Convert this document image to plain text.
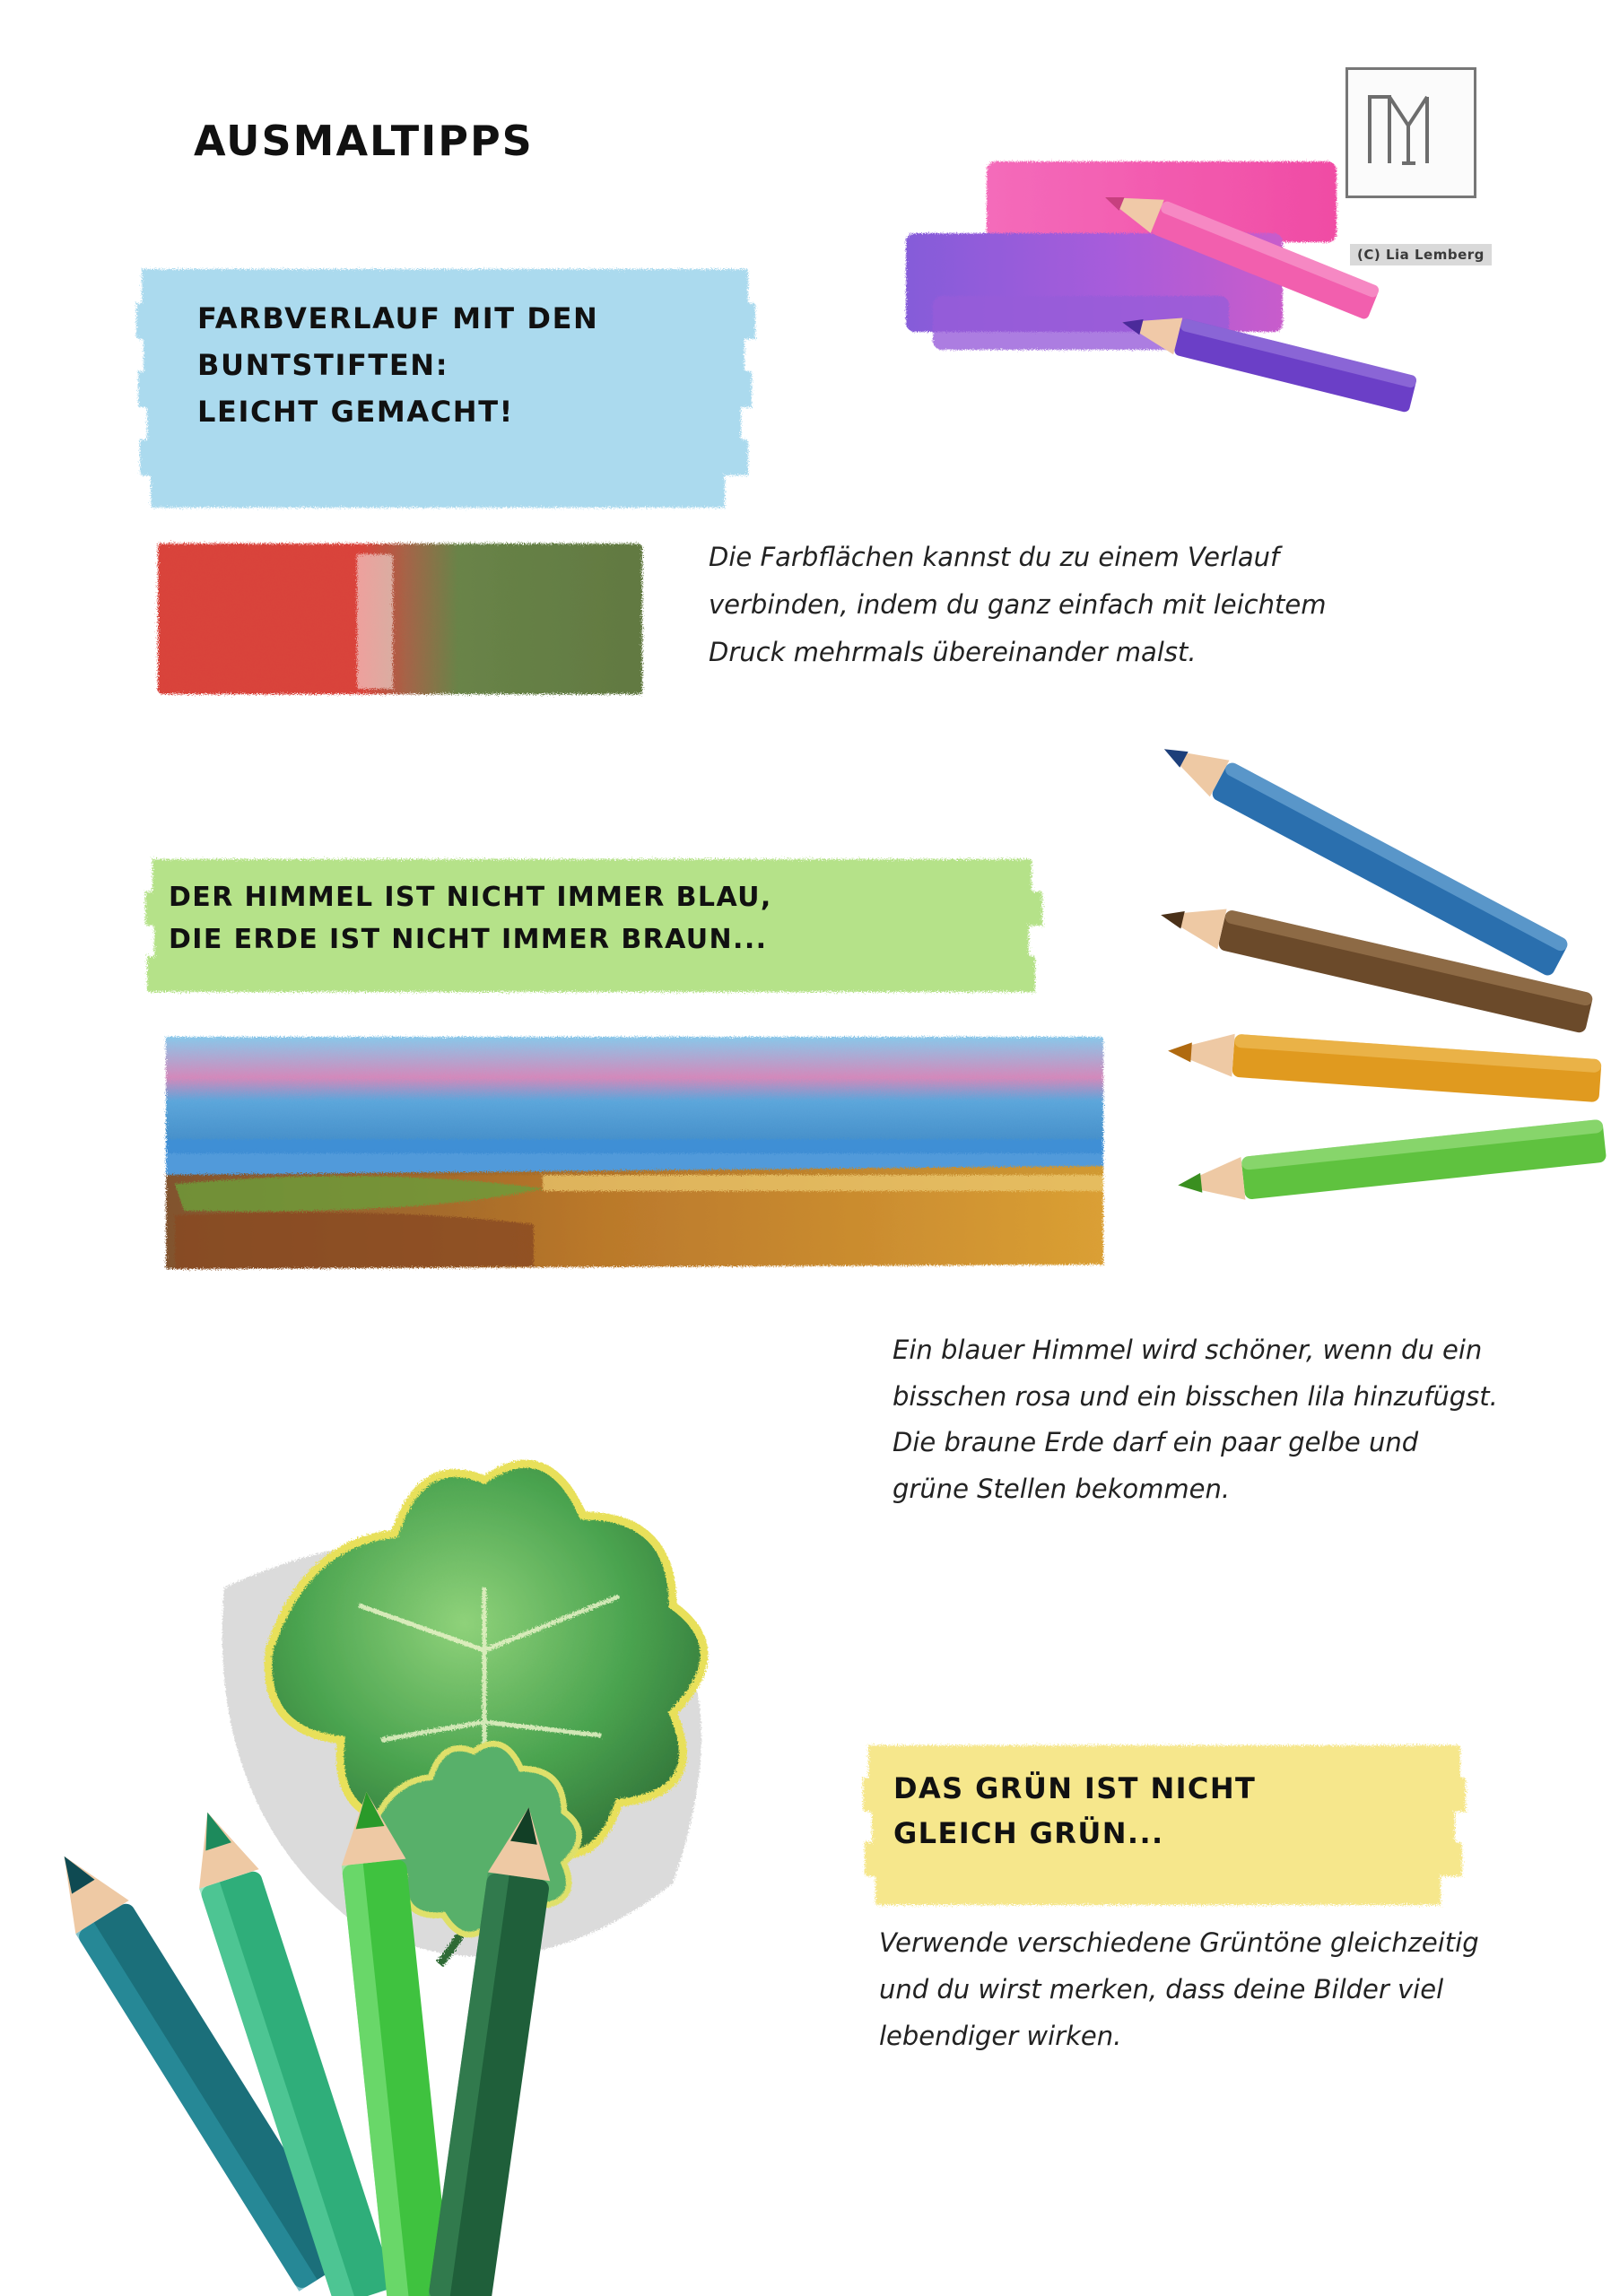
AUSMALTIPPS
(C) Lia Lemberg
FARBVERLAUF MIT DEN
BUNTSTIFTEN:
LEICHT GEMACHT!
Die Farbflächen kannst du zu einem Verlauf verbinden, indem du ganz einfach mit leichtem Druck mehrmals übereinander malst.
DER HIMMEL IST NICHT IMMER BLAU,
DIE ERDE IST NICHT IMMER BRAUN...
Ein blauer Himmel wird schöner, wenn du ein bisschen rosa und ein bisschen lila hinzufügst.
Die braune Erde darf ein paar gelbe und grüne Stellen bekommen.
DAS GRÜN IST NICHT
GLEICH GRÜN...
Verwende verschiedene Grüntöne gleichzeitig und du wirst merken, dass deine Bilder viel lebendiger wirken.
